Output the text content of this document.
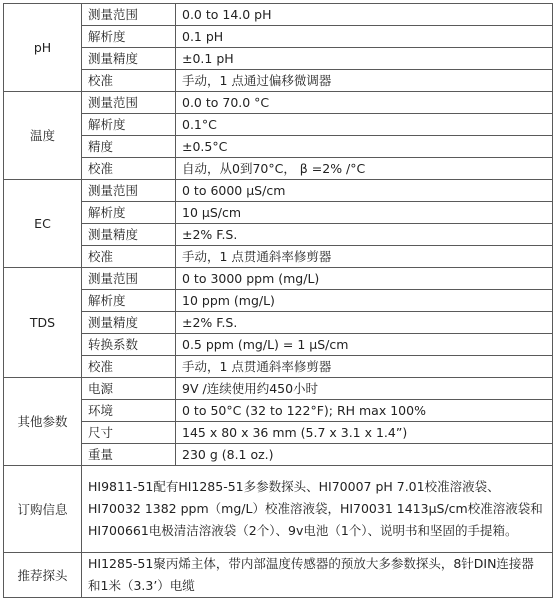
pH	测量范围	0.0 to 14.0 pH
	解析度	0.1 pH
	测量精度	±0.1 pH
	校准	手动，1 点通过偏移微调器
温度	测量范围	0.0 to 70.0 °C
	解析度	0.1°C
	精度	±0.5°C
	校准	自动，从0到70°C， β =2% /°C
EC	测量范围	0 to 6000 µS/cm
	解析度	10 µS/cm
	测量精度	±2% F.S.
	校准	手动，1 点贯通斜率修剪器
TDS	测量范围	0 to 3000 ppm (mg/L)
	解析度	10 ppm (mg/L)
	测量精度	±2% F.S.
	转换系数	0.5 ppm (mg/L) = 1 µS/cm
	校准	手动，1 点贯通斜率修剪器
其他参数	电源	9V /连续使用约450小时
	环境	0 to 50°C (32 to 122°F); RH max 100%
	尺寸	145 x 80 x 36 mm (5.7 x 3.1 x 1.4”)
	重量	230 g (8.1 oz.)
订购信息	HI9811-51配有HI1285-51多参数探头、HI70007 pH 7.01校准溶液袋、HI70032 1382 ppm（mg/L）校准溶液袋，HI70031 1413µS/cm校准溶液袋和HI700661电极清洁溶液袋（2个）、9v电池（1个）、说明书和坚固的手提箱。	
推荐探头	HI1285-51聚丙烯主体，带内部温度传感器的预放大多参数探头，8针DIN连接器和1米（3.3’）电缆	
